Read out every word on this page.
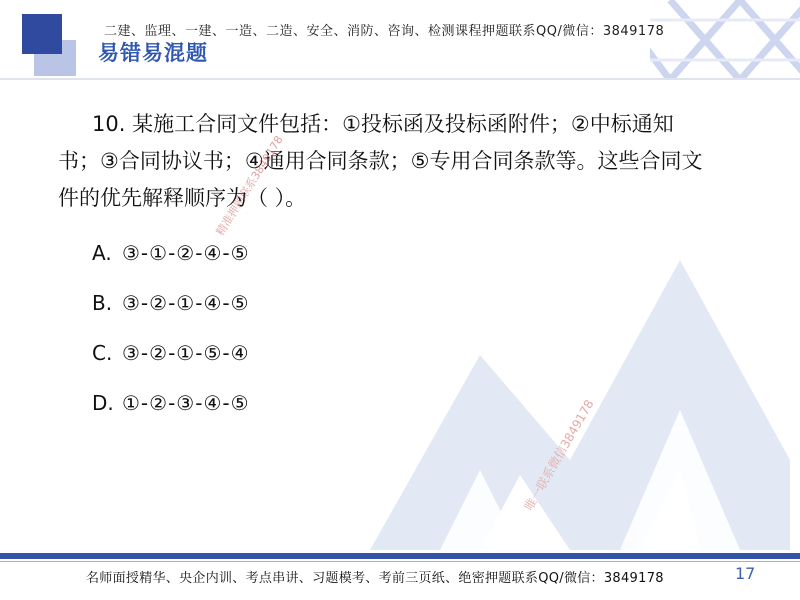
二建、监理、一建、一造、二造、安全、消防、咨询、检测课程押题联系QQ/微信：3849178
易错易混题
精准押题联系3849178
唯一联系微信3849178
10. 某施工合同文件包括：①投标函及投标函附件；②中标通知
书；③合同协议书；④通用合同条款；⑤专用合同条款等。这些合同文
件的优先解释顺序为（ ）。
A. ③-①-②-④-⑤
B. ③-②-①-④-⑤
C. ③-②-①-⑤-④
D. ①-②-③-④-⑤
名师面授精华、央企内训、考点串讲、习题模考、考前三页纸、绝密押题联系QQ/微信：3849178	17
